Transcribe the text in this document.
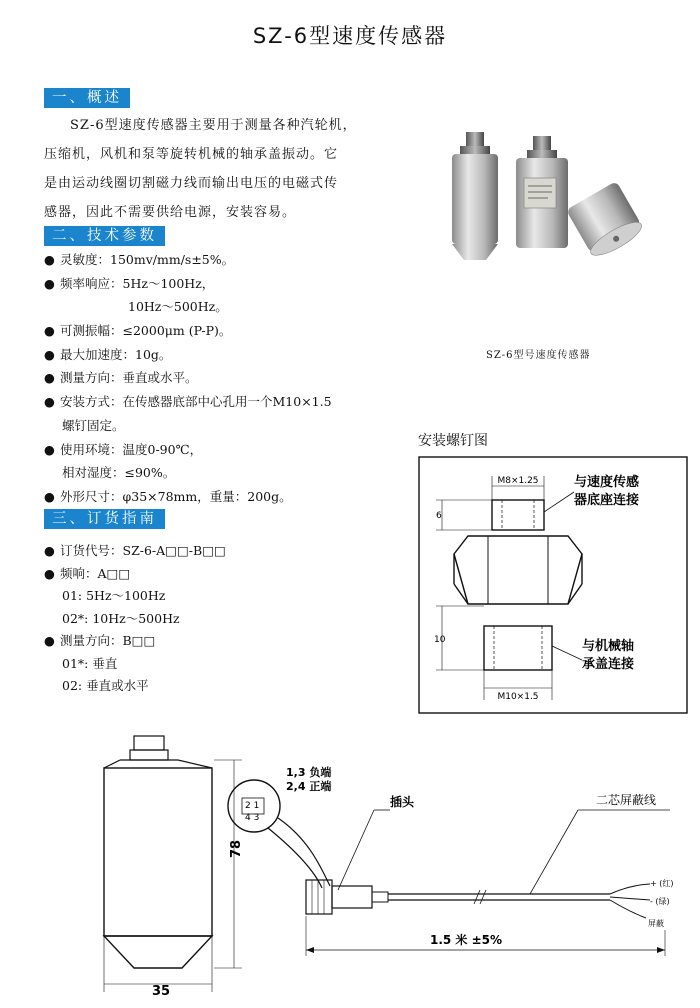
SZ-6型速度传感器
一、概述
SZ-6型速度传感器主要用于测量各种汽轮机，
压缩机，风机和泵等旋转机械的轴承盖振动。它
是由运动线圈切割磁力线而输出电压的电磁式传
感器，因此不需要供给电源，安装容易。
二、技术参数
● 灵敏度：150mv/mm/s±5%。
● 频率响应：5Hz～100Hz，
10Hz～500Hz。
● 可测振幅：≤2000μm (P-P)。
● 最大加速度：10g。
● 测量方向：垂直或水平。
● 安装方式：在传感器底部中心孔用一个M10×1.5
螺钉固定。
● 使用环境：温度0-90℃，
相对湿度：≤90%。
● 外形尺寸：φ35×78mm，重量：200g。
三、订货指南
● 订货代号：SZ-6-A□□-B□□
● 频响：A□□
01: 5Hz～100Hz
02*: 10Hz～500Hz
● 测量方向：B□□
01*: 垂直
02: 垂直或水平
SZ-6型号速度传感器
安装螺钉图
M8×1.25
6
10
M10×1.5
与速度传感
器底座连接
与机械轴
承盖连接
78
35
2 1
4 3
1,3 负端
2,4 正端
+ (红)
- (绿)
屏蔽
插头	二芯屏蔽线
1.5 米 ±5%
